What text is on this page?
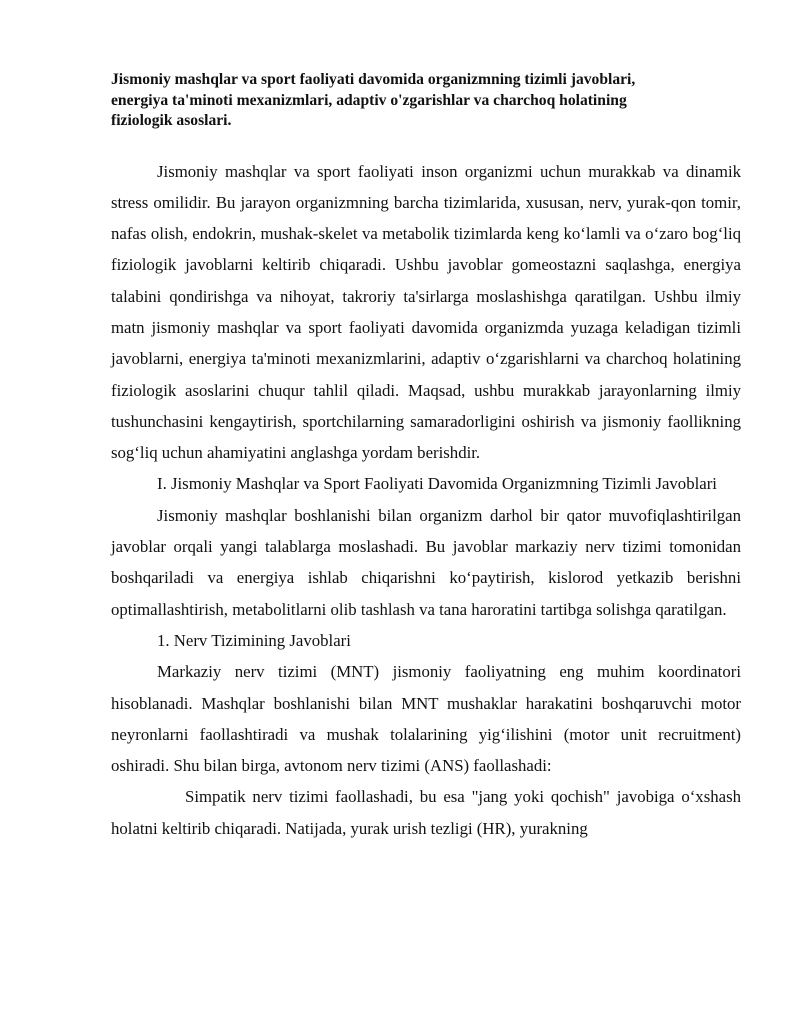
Jismoniy mashqlar va sport faoliyati davomida organizmning tizimli javoblari, energiya ta'minoti mexanizmlari, adaptiv o'zgarishlar va charchoq holatining fiziologik asoslari.

Jismoniy mashqlar va sport faoliyati inson organizmi uchun murakkab va dinamik stress omilidir. Bu jarayon organizmning barcha tizimlarida, xususan, nerv, yurak-qon tomir, nafas olish, endokrin, mushak-skelet va metabolik tizimlarda keng ko‘lamli va o‘zaro bog‘liq fiziologik javoblarni keltirib chiqaradi. Ushbu javoblar gomeostazni saqlashga, energiya talabini qondirishga va nihoyat, takroriy ta'sirlarga moslashishga qaratilgan. Ushbu ilmiy matn jismoniy mashqlar va sport faoliyati davomida organizmda yuzaga keladigan tizimli javoblarni, energiya ta'minoti mexanizmlarini, adaptiv o‘zgarishlarni va charchoq holatining fiziologik asoslarini chuqur tahlil qiladi. Maqsad, ushbu murakkab jarayonlarning ilmiy tushunchasini kengaytirish, sportchilarning samaradorligini oshirish va jismoniy faollikning sog‘liq uchun ahamiyatini anglashga yordam berishdir.

I. Jismoniy Mashqlar va Sport Faoliyati Davomida Organizmning Tizimli Javoblari

Jismoniy mashqlar boshlanishi bilan organizm darhol bir qator muvofiqlashtirilgan javoblar orqali yangi talablarga moslashadi. Bu javoblar markaziy nerv tizimi tomonidan boshqariladi va energiya ishlab chiqarishni ko‘paytirish, kislorod yetkazib berishni optimallashtirish, metabolitlarni olib tashlash va tana haroratini tartibga solishga qaratilgan.

1. Nerv Tizimining Javoblari

Markaziy nerv tizimi (MNT) jismoniy faoliyatning eng muhim koordinatori hisoblanadi. Mashqlar boshlanishi bilan MNT mushaklar harakatini boshqaruvchi motor neyronlarni faollashtiradi va mushak tolalarining yig‘ilishini (motor unit recruitment) oshiradi. Shu bilan birga, avtonom nerv tizimi (ANS) faollashadi:

Simpatik nerv tizimi faollashadi, bu esa "jang yoki qochish" javobiga o‘xshash holatni keltirib chiqaradi. Natijada, yurak urish tezligi (HR), yurakning
